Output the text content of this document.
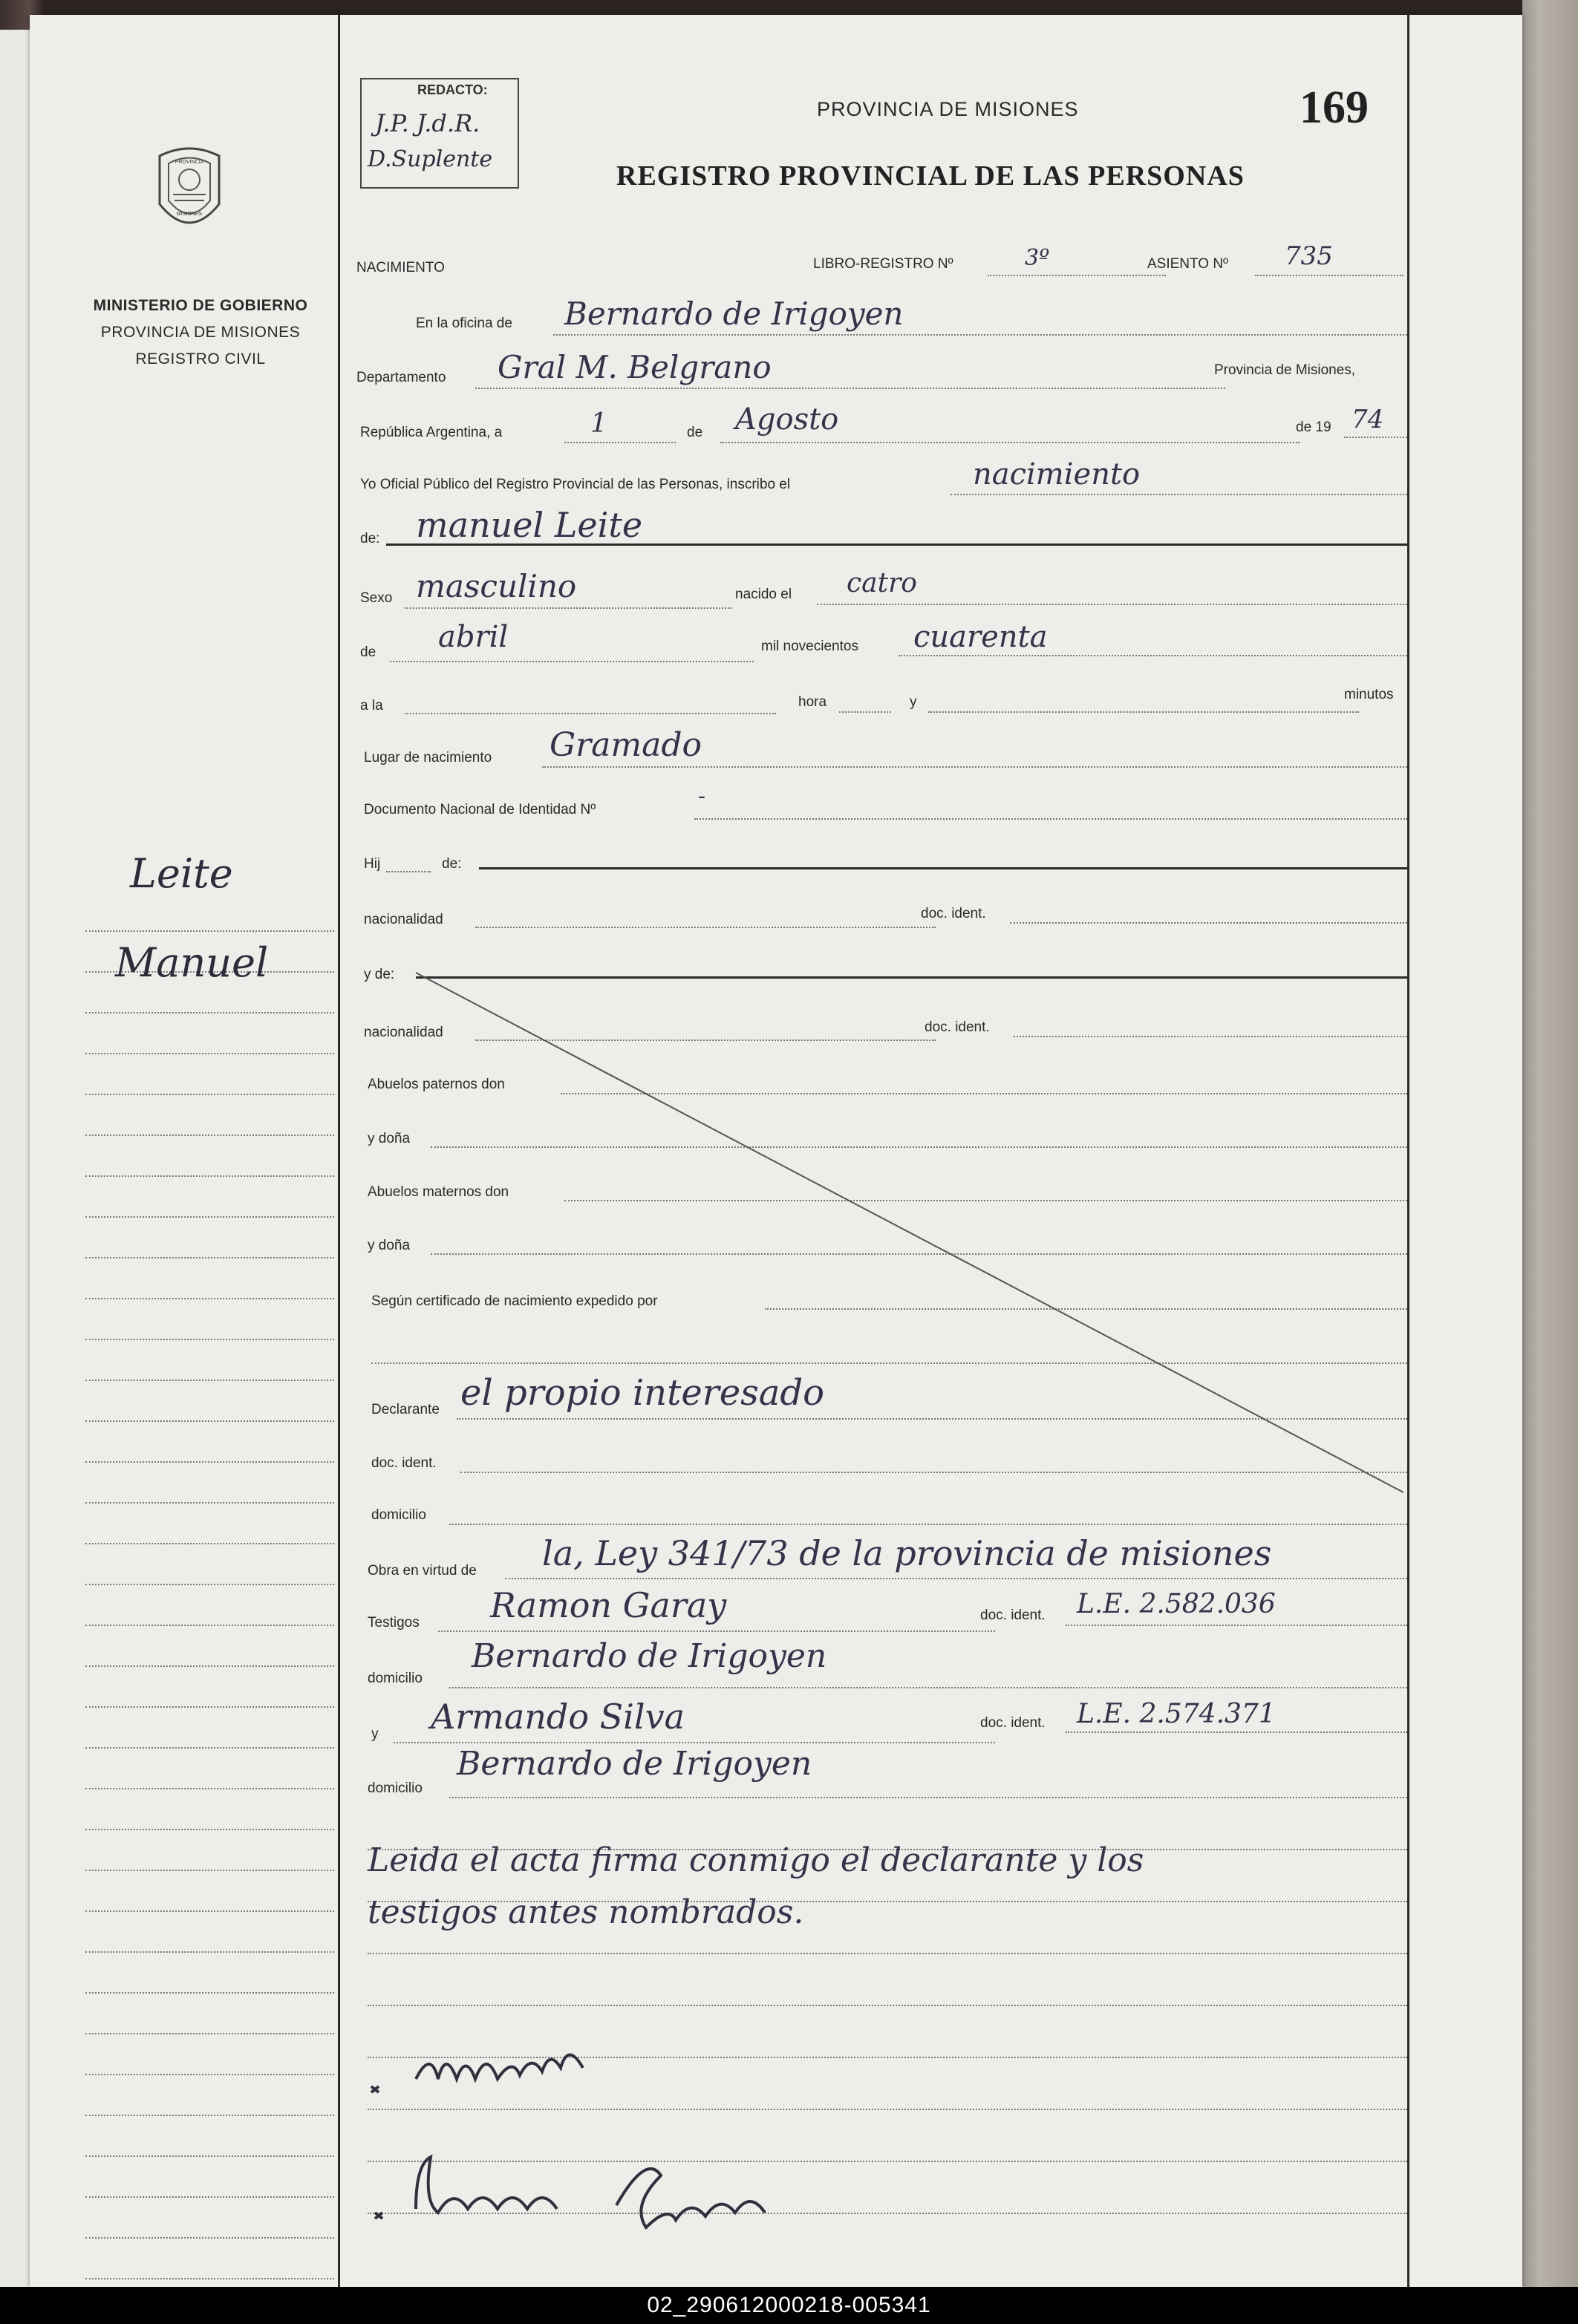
PROVINCIA
MISIONES
MINISTERIO DE GOBIERNO
PROVINCIA DE MISIONES
REGISTRO CIVIL
Leite
Manuel
REDACTO:
J.P. J.d.R.
D.Suplente
PROVINCIA DE MISIONES	169
REGISTRO PROVINCIAL DE LAS PERSONAS
NACIMIENTO	LIBRO-REGISTRO Nº	3º	ASIENTO Nº 735
En la oficina de Bernardo de Irigoyen
Departamento Gral M. Belgrano	Provincia de Misiones,
República Argentina, a	1	de Agosto	de 19 74
Yo Oficial Público del Registro Provincial de las Personas, inscribo el	nacimiento
de: manuel Leite
Sexo masculino	nacido el catro
de abril	mil novecientos cuarenta
a la	hora	y	minutos
Lugar de nacimiento Gramado
Documento Nacional de Identidad Nº
-
Hij	de:
nacionalidad	doc. ident.
y de:
nacionalidad	doc. ident.
Abuelos paternos don
y doña
Abuelos maternos don
y doña
Según certificado de nacimiento expedido por
Declarante el propio interesado
doc. ident.
domicilio
Obra en virtud de la, Ley 341/73 de la provincia de misiones
Testigos Ramon Garay	doc. ident. L.E. 2.582.036
domicilio
Bernardo de Irigoyen
y Armando Silva	doc. ident. L.E. 2.574.371
domicilio
Bernardo de Irigoyen
Leida el acta firma conmigo el declarante y los
testigos antes nombrados.
02_290612000218-005341
